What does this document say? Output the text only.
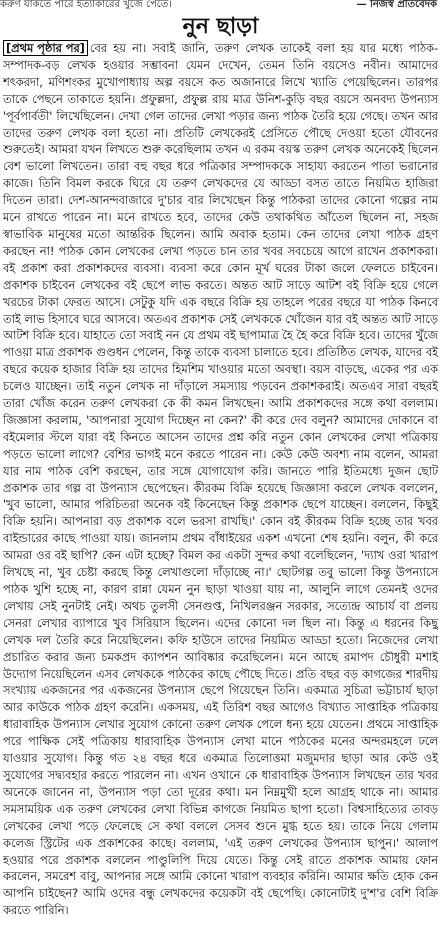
করুণ যাকতে পারে ইত্যাকারের খুজে পেতে।	— নিজস্ব প্রতিবেদক
নুন ছাড়া

[প্রথম পৃষ্ঠার পর] বের হয় না। সবাই জানি, তরুণ লেখক তাকেই বলা হয় যার মধ্যে পাঠক-সম্পাদক-বড় লেখক হওয়ার সম্ভাবনা যেমন দেখেন, তেমন তিনি বয়সেও নবীন। আমাদের শৎকরদা, মণিশংকর মুখোপাধ্যায় অল্প বয়সে কত অজানারে লিখে খ্যাতি পেয়েছিলেন। তারপর তাকে পেছনে তাকাতে হয়নি। প্রফুল্লদা, প্রফুল্ল রায় মাত্র উনিশ-কুড়ি বছর বয়সে অনবদ্য উপন্যাস 'পূর্বপার্বতী' লিখেছিলেন। দেখা গেল তাদের লেখা পড়ার জন্য পাঠক তৈরি হয়ে গেছে। তখন আর তাদের তরুণ লেখক বলা হতো না। প্রতিটি লেখকেরই প্রেসিতে পৌছে দেওয়া হতো যৌবনের শুরুতেই। আমরা যখন লিখতে শুরু করেছিলাম তখন এ রকম বয়স্ক তরুণ লেখক অনেকেই ছিলেন বেশ ভালো লিখতেন। তারা বহু বছর ধরে পত্রিকার সম্পাদককে সাহায্য করতেন পাতা ভরানোর কাজে। তিনি বিমল করকে ঘিরে যে তরুণ লেখকদের যে আড্ডা বসত তাতে নিয়মিত হাজিরা দিতেন তারা। দেশ-আনন্দবাজারে দু'চার বার লিখেছেন কিন্তু পাঠকরা তাদের কোনো গল্পের নাম মনে রাখতে পারেন না। মনে রাখতে হবে, তাদের কেউ তথাকথিত আঁতেল ছিলেন না, সহজ স্বাভাবিক মানুষের মতো আন্তরিক ছিলেন। আমি অবাক হতাম। কেন তাদের লেখা পাঠক গ্রহণ করছেন না! পাঠক কোন লেখকের লেখা পড়তে চান তার খবর সবচেয়ে আগে রাখেন প্রকাশকরা। বই প্রকাশ করা প্রকাশকদের ব্যবসা। ব্যবসা করে কোন মূর্খ ঘরের টাকা জলে ফেলতে চাইবেন। প্রকাশক চাইবেন লেখকের বই ছেপে লাভ করতে। অন্তত আট সাড়ে আটশ বই বিক্রি হয়ে গেলে খরচের টাকা ফেরত আসে। সেটুকু যদি এক বছরে বিক্রি হয় তাহলে পরের বছরে যা পাঠক কিনবে তাই লাভ হিসাবে ঘরে আসবে। অতএব প্রকাশক সেই লেখককে খোঁজেন যার বই অন্তত আট সাড়ে আটশ বিক্রি হবে। যাহাতে তো সবাই নন যে প্রথম বই ছাপামাত্র হৈ হৈ করে বিক্রি হবে। তাদের খুঁজে পাওয়া মাত্র প্রকাশক গুণ্ডধন পেলেন, কিন্তু তাকে ব্যবসা চালাতে হবে। প্রতিষ্ঠিত লেখক, যাদের বই বছরে কয়েক হাজার বিক্রি হয় তাদের হিমশিম খাওয়ার মতো অবস্থা। বয়স বাড়ছে, একের পর এক চলেও যাচ্ছেন। তাই নতুন লেখক না দাঁড়ালে সমস্যায় পড়বেন প্রকাশকরাই। অতএব সারা বছরই তারা খোঁজ করেন তরুণ লেখকরা কে কী কমন লিখছেন। আমি প্রকাশকদের সঙ্গে কথা বললাম। জিজ্ঞাসা করলাম, 'আপনারা সুযোগ দিচ্ছেন না কেন?' কী করে দেব বলুন? আমাদের দোকানে বা বইমেলার স্টলে যারা বই কিনতে আসেন তাদের প্রশ্ন করি নতুন কোন লেখকের লেখা পত্রিকায় পড়তে ভালো লাগে? বেশির ভাগই মনে করতে পারেন না। কেউ কেউ অবশ্য নাম বলেন, আমরা যার নাম পাঠক বেশি করছেন, তার সঙ্গে যোগাযোগ করি। জানতে পারি ইতিমধ্যে দুজন ছোট প্রকাশক তার গল্প বা উপন্যাস ছেপেছেন। কীরকম বিক্রি হয়েছে জিজ্ঞাসা করলে লেখক বললেন, 'খুব ভালো, আমার পরিচিতরা অনেক বই কিনেছেন কিন্তু প্রকাশক ছেপে যাচ্ছেন। বললেন, কিছুই বিক্রি হয়নি। আপনারা বড় প্রকাশক বলে ভরসা রাখছি।' কোন বই কীরকম বিক্রি হচ্ছে তার খবর বাইন্ডারের কাছে পাওয়া যায়। জানলাম প্রথম বাঁধাইয়ের একশ এখনো শেষ হয়নি। বলুন, কী করে আমরা ওর বই ছাপি? কেন এটা হচ্ছে? বিমল কর একটা সুন্দর কথা বলেছিলেন, 'দ্যাখ ওরা খারাপ লিখছে না, খুব চেষ্টা করছে কিন্তু লেখাগুলো দাঁড়াচ্ছে না।' ছোটগল্প তবু ভালো কিন্তু উপন্যাসে পাঠক খুশি হচ্ছে না, কারণ রান্না যেমন নুন ছাড়া খাওয়া যায় না, আলুনি লাগে তেমনই ওদের লেখায় সেই নুনটাই নেই। অথচ তুলসী সেনগুপ্ত, নিখিলরঞ্জন সরকার, সত্যেন্দ্র আচার্য বা প্রলয় সেনরা লেখার ব্যাপারে খুব সিরিয়াস ছিলেন। এদের কোনো দল ছিল না। কিন্তু এ ধরনের কিছু লেখক দল তৈরি করে নিয়েছিলেন। কফি হাউসে তাদের নিয়মিত আড্ডা হতো। নিজেদের লেখা প্রচারিত করার জন্য চমকপ্রদ ক্যাপশন আবিষ্কার করেছিলেন। মনে আছে রমাপদ চৌধুরী মশাই উদ্যোগ নিয়েছিলেন এসব লেখককে পাঠকের কাছে পৌছে দিতে। প্রতি বছর বড় কাগজের শারদীয় সংখ্যায় একজনের পর একজনের উপন্যাস ছেপে গিয়েছেন তিনি। একমাত্র সুচিত্রা ভট্টাচার্য ছাড়া আর কাউকে পাঠক গ্রহণ করেনি। একসময়, এই তিরিশ বছর আগেও বিখ্যাত সাপ্তাহিক পত্রিকায় ধারাবাহিক উপন্যাস লেখার সুযোগ কোনো তরুণ লেখক পেলে ধন্য হয়ে যেতেন। প্রথমে সাপ্তাহিক পরে পাক্ষিক সেই পত্রিকায় ধারাবাহিক উপন্যাস লেখা মানে পাঠকের মনের অন্দরমহলে ঢলে যাওয়ার সুযোগ। কিন্তু গত ২৪ বছর ধরে একমাত্র তিলোত্তমা মজুমদার ছাড়া আর কেউ ওই সুযোগের সদ্ব্যবহার করতে পারলেন না। এখন ওখানে কে ধারাবাহিক উপন্যাস লিখছেন তার খবর অনেকে জানেন না, উপন্যাস পড়া তো দূরের কথা। মন নিম্নমুখী হলে আগ্রহ থাকে না। আমার সমসাময়িক এক তরুণ লেখকের লেখা বিভিন্ন কাগজে নিয়মিত ছাপা হতো। বিশ্বসাহিত্যের তাবড় লেখকের লেখা পড়ে ফেলেছে সে কথা বললে সেসব শুনে মুগ্ধ হতে হয়। তাকে নিয়ে গেলাম কলেজ স্ট্রিটের এক প্রকাশকের কাছে। বললাম, 'এই তরুণ লেখকের উপন্যাস ছাপুন।' আলাপ হওয়ার পরে প্রকাশক বললেন পাণ্ডুলিপি দিয়ে যেতে। কিন্তু সেই রাতে প্রকাশক আমায় ফোন করলেন, সমরেশ বাবু, আপনার সঙ্গে আমি কোনো খারাপ ব্যবহার করিনি। আমার ক্ষতি হোক কেন আপনি চাইছেন? আমি ওদের বন্ধু লেখকদের কয়েকটা বই ছেপেছি। কোনোটাই দু'শ'র বেশি বিক্রি করতে পারিনি।
